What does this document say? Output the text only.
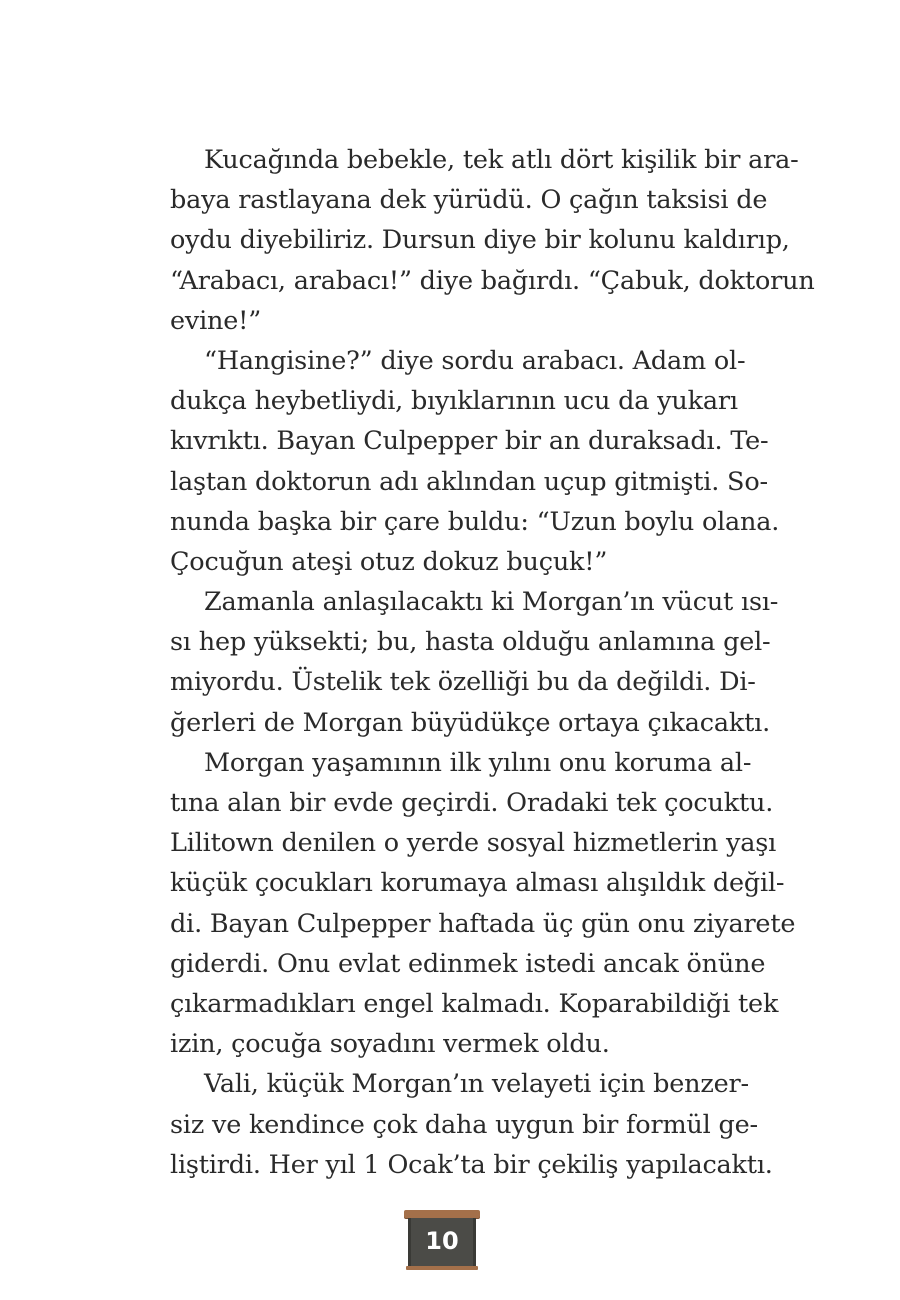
Kucağında bebekle, tek atlı dört kişilik bir ara-
baya rastlayana dek yürüdü. O çağın taksisi de
oydu diyebiliriz. Dursun diye bir kolunu kaldırıp,
“Arabacı, arabacı!” diye bağırdı. “Çabuk, doktorun
evine!”
“Hangisine?” diye sordu arabacı. Adam ol-
dukça heybetliydi, bıyıklarının ucu da yukarı
kıvrıktı. Bayan Culpepper bir an duraksadı. Te-
laştan doktorun adı aklından uçup gitmişti. So-
nunda başka bir çare buldu: “Uzun boylu olana.
Çocuğun ateşi otuz dokuz buçuk!”
Zamanla anlaşılacaktı ki Morgan’ın vücut ısı-
sı hep yüksekti; bu, hasta olduğu anlamına gel-
miyordu. Üstelik tek özelliği bu da değildi. Di-
ğerleri de Morgan büyüdükçe ortaya çıkacaktı.
Morgan yaşamının ilk yılını onu koruma al-
tına alan bir evde geçirdi. Oradaki tek çocuktu.
Lilitown denilen o yerde sosyal hizmetlerin yaşı
küçük çocukları korumaya alması alışıldık değil-
di. Bayan Culpepper haftada üç gün onu ziyarete
giderdi. Onu evlat edinmek istedi ancak önüne
çıkarmadıkları engel kalmadı. Koparabildiği tek
izin, çocuğa soyadını vermek oldu.
Vali, küçük Morgan’ın velayeti için benzer-
siz ve kendince çok daha uygun bir formül ge-
liştirdi. Her yıl 1 Ocak’ta bir çekiliş yapılacaktı.
10
